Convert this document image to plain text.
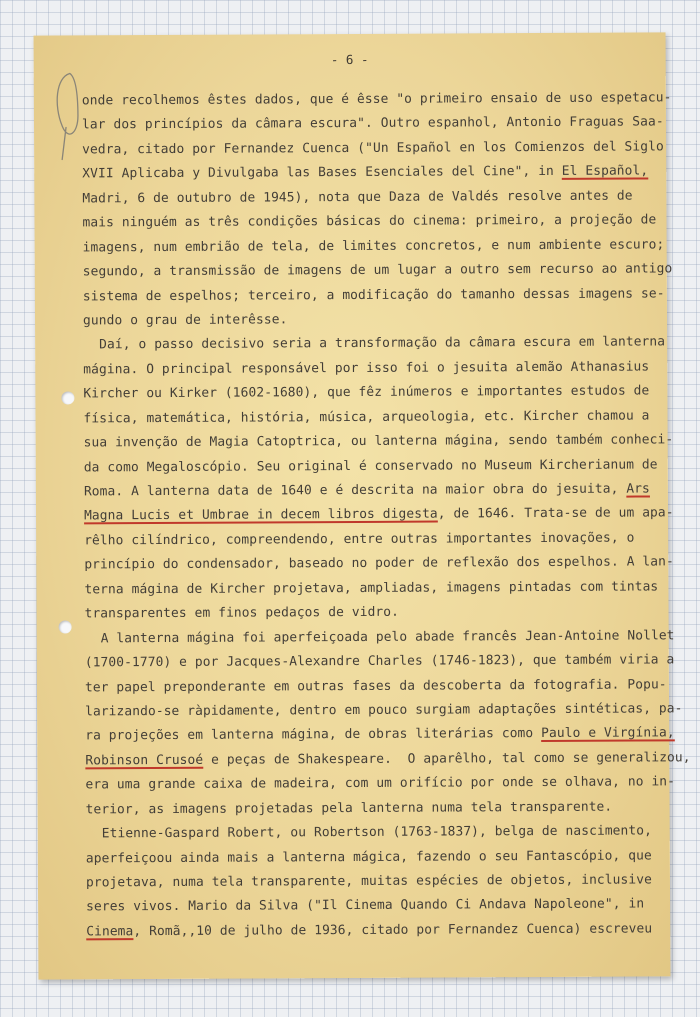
- 6 -
onde recolhemos êstes dados, que é êsse "o primeiro ensaio de uso espetacu-
lar dos princípios da câmara escura". Outro espanhol, Antonio Fraguas Saa-
vedra, citado por Fernandez Cuenca ("Un Español en los Comienzos del Siglo
XVII Aplicaba y Divulgaba las Bases Esenciales del Cine", in El Español,
Madri, 6 de outubro de 1945), nota que Daza de Valdés resolve antes de
mais ninguém as três condições básicas do cinema: primeiro, a projeção de
imagens, num embrião de tela, de limites concretos, e num ambiente escuro;
segundo, a transmissão de imagens de um lugar a outro sem recurso ao antigo
sistema de espelhos; terceiro, a modificação do tamanho dessas imagens se-
gundo o grau de interêsse.
Daí, o passo decisivo seria a transformação da câmara escura em lanterna
mágina. O principal responsável por isso foi o jesuita alemão Athanasius
Kircher ou Kirker (1602-1680), que fêz inúmeros e importantes estudos de
física, matemática, história, música, arqueologia, etc. Kircher chamou a
sua invenção de Magia Catoptrica, ou lanterna mágina, sendo também conheci-
da como Megaloscópio. Seu original é conservado no Museum Kircherianum de
Roma. A lanterna data de 1640 e é descrita na maior obra do jesuita, Ars
Magna Lucis et Umbrae in decem libros digesta, de 1646. Trata-se de um apa-
rêlho cilíndrico, compreendendo, entre outras importantes inovações, o
princípio do condensador, baseado no poder de reflexão dos espelhos. A lan-
terna mágina de Kircher projetava, ampliadas, imagens pintadas com tintas
transparentes em finos pedaços de vidro.
A lanterna mágina foi aperfeiçoada pelo abade francês Jean-Antoine Nollet
(1700-1770) e por Jacques-Alexandre Charles (1746-1823), que também viria a
ter papel preponderante em outras fases da descoberta da fotografia. Popu-
larizando-se ràpidamente, dentro em pouco surgiam adaptações sintéticas, pa-
ra projeções em lanterna mágina, de obras literárias como Paulo e Virgínia,
Robinson Crusoé e peças de Shakespeare.  O aparêlho, tal como se generalizou,
era uma grande caixa de madeira, com um orifício por onde se olhava, no in-
terior, as imagens projetadas pela lanterna numa tela transparente.
Etienne-Gaspard Robert, ou Robertson (1763-1837), belga de nascimento,
aperfeiçoou ainda mais a lanterna mágica, fazendo o seu Fantascópio, que
projetava, numa tela transparente, muitas espécies de objetos, inclusive
seres vivos. Mario da Silva ("Il Cinema Quando Ci Andava Napoleone", in
Cinema, Romã,,10 de julho de 1936, citado por Fernandez Cuenca) escreveu
